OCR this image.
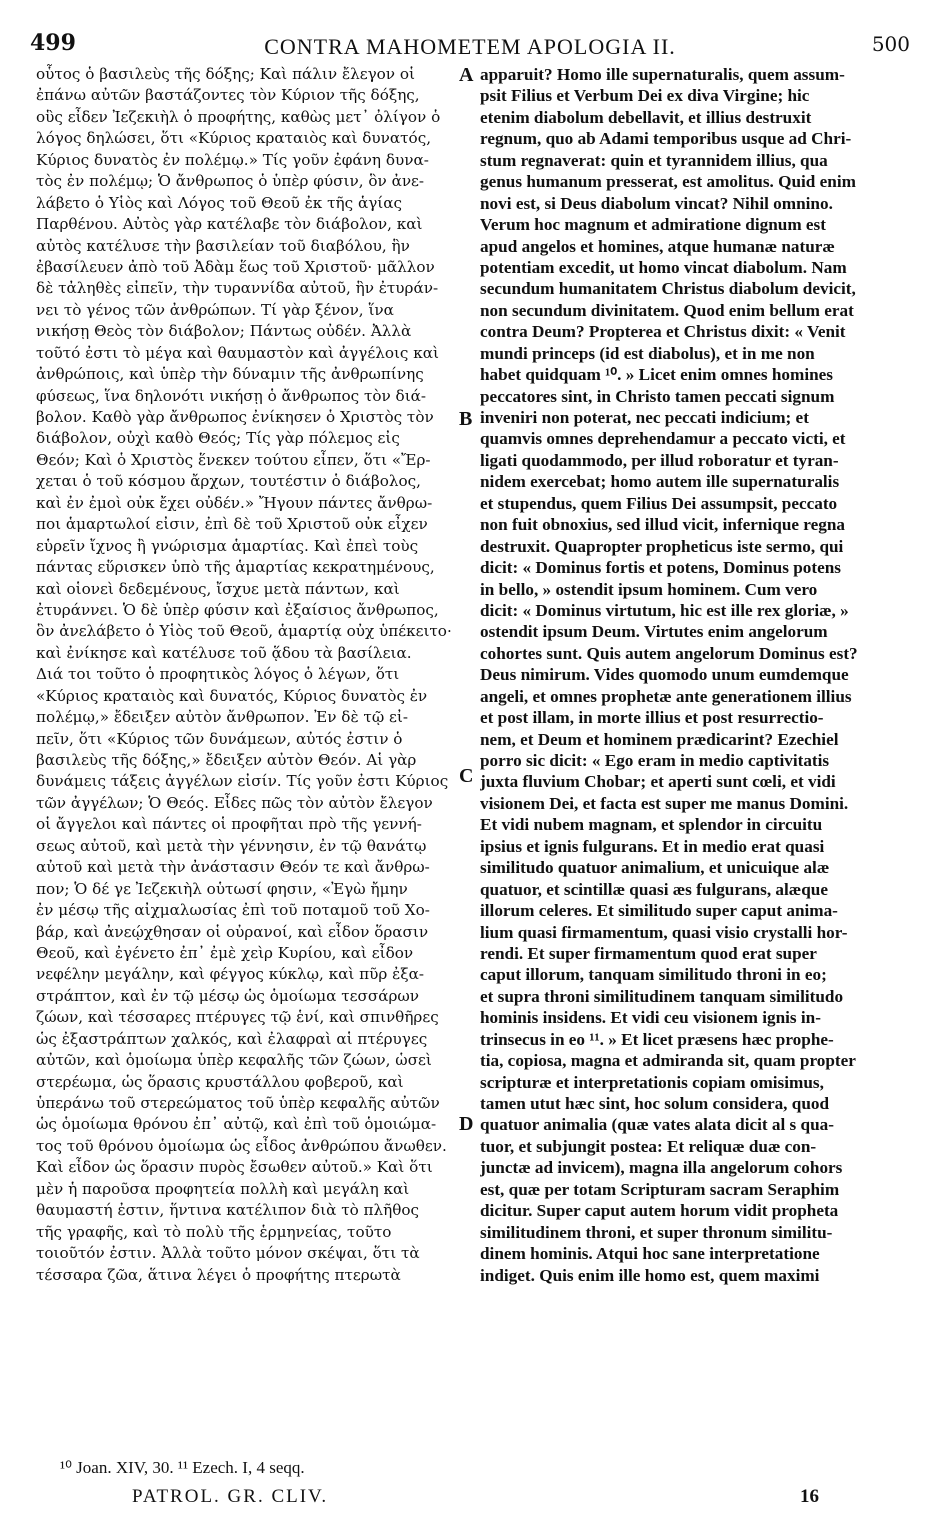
499	CONTRA MAHOMETEM APOLOGIA II.	500
οὗτος ὁ βασιλεὺς τῆς δόξης; Καὶ πάλιν ἔλεγον οἱ
ἐπάνω αὐτῶν βαστάζοντες τὸν Κύριον τῆς δόξης,
οὓς εἶδεν Ἰεζεκιὴλ ὁ προφήτης, καθὼς μετ᾽ ὀλίγον ὁ
λόγος δηλώσει, ὅτι «Κύριος κραταιὸς καὶ δυνατός,
Κύριος δυνατὸς ἐν πολέμῳ.» Τίς γοῦν ἐφάνη δυνα-
τὸς ἐν πολέμῳ; Ὁ ἄνθρωπος ὁ ὑπὲρ φύσιν, ὃν ἀνε-
λάβετο ὁ Υἱὸς καὶ Λόγος τοῦ Θεοῦ ἐκ τῆς ἁγίας
Παρθένου. Αὐτὸς γὰρ κατέλαβε τὸν διάβολον, καὶ
αὐτὸς κατέλυσε τὴν βασιλείαν τοῦ διαβόλου, ἣν
ἐβασίλευεν ἀπὸ τοῦ Ἀδὰμ ἕως τοῦ Χριστοῦ· μᾶλλον
δὲ τἀληθὲς εἰπεῖν, τὴν τυραννίδα αὐτοῦ, ἣν ἐτυράν-
νει τὸ γένος τῶν ἀνθρώπων. Τί γὰρ ξένον, ἵνα
νικήσῃ Θεὸς τὸν διάβολον; Πάντως οὐδέν. Ἀλλὰ
τοῦτό ἐστι τὸ μέγα καὶ θαυμαστὸν καὶ ἀγγέλοις καὶ
ἀνθρώποις, καὶ ὑπὲρ τὴν δύναμιν τῆς ἀνθρωπίνης
φύσεως, ἵνα δηλονότι νικήσῃ ὁ ἄνθρωπος τὸν διά-
βολον. Καθὸ γὰρ ἄνθρωπος ἐνίκησεν ὁ Χριστὸς τὸν
διάβολον, οὐχὶ καθὸ Θεός; Τίς γὰρ πόλεμος εἰς
Θεόν; Καὶ ὁ Χριστὸς ἕνεκεν τούτου εἶπεν, ὅτι «Ἔρ-
χεται ὁ τοῦ κόσμου ἄρχων, τουτέστιν ὁ διάβολος,
καὶ ἐν ἐμοὶ οὐκ ἔχει οὐδέν.» Ἤγουν πάντες ἄνθρω-
ποι ἁμαρτωλοί εἰσιν, ἐπὶ δὲ τοῦ Χριστοῦ οὐκ εἶχεν
εὑρεῖν ἴχνος ἢ γνώρισμα ἁμαρτίας. Καὶ ἐπεὶ τοὺς
πάντας εὕρισκεν ὑπὸ τῆς ἁμαρτίας κεκρατημένους,
καὶ οἱονεὶ δεδεμένους, ἴσχυε μετὰ πάντων, καὶ
ἐτυράννει. Ὁ δὲ ὑπὲρ φύσιν καὶ ἐξαίσιος ἄνθρωπος,
ὃν ἀνελάβετο ὁ Υἱὸς τοῦ Θεοῦ, ἁμαρτίᾳ οὐχ ὑπέκειτο·
καὶ ἐνίκησε καὶ κατέλυσε τοῦ ᾅδου τὰ βασίλεια.
Διά τοι τοῦτο ὁ προφητικὸς λόγος ὁ λέγων, ὅτι
«Κύριος κραταιὸς καὶ δυνατός, Κύριος δυνατὸς ἐν
πολέμῳ,» ἔδειξεν αὐτὸν ἄνθρωπον. Ἐν δὲ τῷ εἰ-
πεῖν, ὅτι «Κύριος τῶν δυνάμεων, αὐτός ἐστιν ὁ
βασιλεὺς τῆς δόξης,» ἔδειξεν αὐτὸν Θεόν. Αἱ γὰρ
δυνάμεις τάξεις ἀγγέλων εἰσίν. Τίς γοῦν ἐστι Κύριος
τῶν ἀγγέλων; Ὁ Θεός. Εἶδες πῶς τὸν αὐτὸν ἔλεγον
οἱ ἄγγελοι καὶ πάντες οἱ προφῆται πρὸ τῆς γεννή-
σεως αὐτοῦ, καὶ μετὰ τὴν γέννησιν, ἐν τῷ θανάτῳ
αὐτοῦ καὶ μετὰ τὴν ἀνάστασιν Θεόν τε καὶ ἄνθρω-
πον; Ὁ δέ γε Ἰεζεκιὴλ οὑτωσί φησιν, «Ἐγὼ ἤμην
ἐν μέσῳ τῆς αἰχμαλωσίας ἐπὶ τοῦ ποταμοῦ τοῦ Χο-
βάρ, καὶ ἀνεῴχθησαν οἱ οὐρανοί, καὶ εἶδον ὅρασιν
Θεοῦ, καὶ ἐγένετο ἐπ᾽ ἐμὲ χεὶρ Κυρίου, καὶ εἶδον
νεφέλην μεγάλην, καὶ φέγγος κύκλῳ, καὶ πῦρ ἐξα-
στράπτον, καὶ ἐν τῷ μέσῳ ὡς ὁμοίωμα τεσσάρων
ζώων, καὶ τέσσαρες πτέρυγες τῷ ἑνί, καὶ σπινθῆρες
ὡς ἐξαστράπτων χαλκός, καὶ ἐλαφραὶ αἱ πτέρυγες
αὐτῶν, καὶ ὁμοίωμα ὑπὲρ κεφαλῆς τῶν ζώων, ὡσεὶ
στερέωμα, ὡς ὅρασις κρυστάλλου φοβεροῦ, καὶ
ὑπεράνω τοῦ στερεώματος τοῦ ὑπὲρ κεφαλῆς αὐτῶν
ὡς ὁμοίωμα θρόνου ἐπ᾽ αὐτῷ, καὶ ἐπὶ τοῦ ὁμοιώμα-
τος τοῦ θρόνου ὁμοίωμα ὡς εἶδος ἀνθρώπου ἄνωθεν.
Καὶ εἶδον ὡς ὅρασιν πυρὸς ἔσωθεν αὐτοῦ.» Καὶ ὅτι
μὲν ἡ παροῦσα προφητεία πολλὴ καὶ μεγάλη καὶ
θαυμαστή ἐστιν, ἥντινα κατέλιπον διὰ τὸ πλῆθος
τῆς γραφῆς, καὶ τὸ πολὺ τῆς ἑρμηνείας, τοῦτο
τοιοῦτόν ἐστιν. Ἀλλὰ τοῦτο μόνον σκέψαι, ὅτι τὰ
τέσσαρα ζῶα, ἅτινα λέγει ὁ προφήτης πτερωτὰ
apparuit? Homo ille supernaturalis, quem assum-
psit Filius et Verbum Dei ex diva Virgine; hic
etenim diabolum debellavit, et illius destruxit
regnum, quo ab Adami temporibus usque ad Chri-
stum regnaverat: quin et tyrannidem illius, qua
genus humanum presserat, est amolitus. Quid enim
novi est, si Deus diabolum vincat? Nihil omnino.
Verum hoc magnum et admiratione dignum est
apud angelos et homines, atque humanæ naturæ
potentiam excedit, ut homo vincat diabolum. Nam
secundum humanitatem Christus diabolum devicit,
non secundum divinitatem. Quod enim bellum erat
contra Deum? Propterea et Christus dixit: « Venit
mundi princeps (id est diabolus), et in me non
habet quidquam ¹⁰. » Licet enim omnes homines
peccatores sint, in Christo tamen peccati signum
inveniri non poterat, nec peccati indicium; et
quamvis omnes deprehendamur a peccato victi, et
ligati quodammodo, per illud roboratur et tyran-
nidem exercebat; homo autem ille supernaturalis
et stupendus, quem Filius Dei assumpsit, peccato
non fuit obnoxius, sed illud vicit, infernique regna
destruxit. Quapropter propheticus iste sermo, qui
dicit: « Dominus fortis et potens, Dominus potens
in bello, » ostendit ipsum hominem. Cum vero
dicit: « Dominus virtutum, hic est ille rex gloriæ, »
ostendit ipsum Deum. Virtutes enim angelorum
cohortes sunt. Quis autem angelorum Dominus est?
Deus nimirum. Vides quomodo unum eumdemque
angeli, et omnes prophetæ ante generationem illius
et post illam, in morte illius et post resurrectio-
nem, et Deum et hominem prædicarint? Ezechiel
porro sic dicit: « Ego eram in medio captivitatis
juxta fluvium Chobar; et aperti sunt cœli, et vidi
visionem Dei, et facta est super me manus Domini.
Et vidi nubem magnam, et splendor in circuitu
ipsius et ignis fulgurans. Et in medio erat quasi
similitudo quatuor animalium, et unicuique alæ
quatuor, et scintillæ quasi æs fulgurans, alæque
illorum celeres. Et similitudo super caput anima-
lium quasi firmamentum, quasi visio crystalli hor-
rendi. Et super firmamentum quod erat super
caput illorum, tanquam similitudo throni in eo;
et supra throni similitudinem tanquam similitudo
hominis insidens. Et vidi ceu visionem ignis in-
trinsecus in eo ¹¹. » Et licet præsens hæc prophe-
tia, copiosa, magna et admiranda sit, quam propter
scripturæ et interpretationis copiam omisimus,
tamen utut hæc sint, hoc solum considera, quod
quatuor animalia (quæ vates alata dicit al s qua-
tuor, et subjungit postea: Et reliquæ duæ con-
junctæ ad invicem), magna illa angelorum cohors
est, quæ per totam Scripturam sacram Seraphim
dicitur. Super caput autem horum vidit propheta
similitudinem throni, et super thronum similitu-
dinem hominis. Atqui hoc sane interpretatione
indiget. Quis enim ille homo est, quem maximi
A
B
C
D
¹⁰ Joan. XIV, 30. ¹¹ Ezech. I, 4 seqq.
PATROL. GR. CLIV.	16
